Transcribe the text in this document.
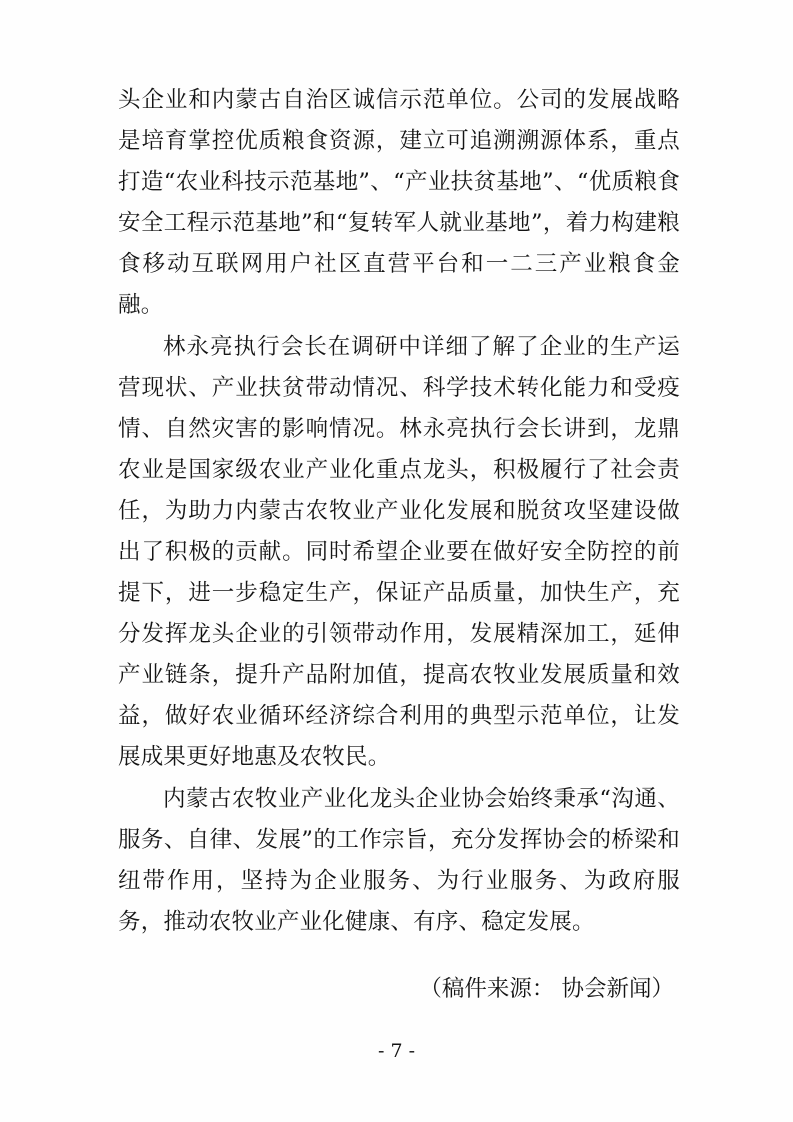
头企业和内蒙古自治区诚信示范单位。公司的发展战略是培育掌控优质粮食资源，建立可追溯溯源体系，重点打造“农业科技示范基地”、“产业扶贫基地”、“优质粮食安全工程示范基地”和“复转军人就业基地”，着力构建粮食移动互联网用户社区直营平台和一二三产业粮食金融。

林永亮执行会长在调研中详细了解了企业的生产运营现状、产业扶贫带动情况、科学技术转化能力和受疫情、自然灾害的影响情况。林永亮执行会长讲到，龙鼎农业是国家级农业产业化重点龙头，积极履行了社会责任，为助力内蒙古农牧业产业化发展和脱贫攻坚建设做出了积极的贡献。同时希望企业要在做好安全防控的前提下，进一步稳定生产，保证产品质量，加快生产，充分发挥龙头企业的引领带动作用，发展精深加工，延伸产业链条，提升产品附加值，提高农牧业发展质量和效益，做好农业循环经济综合利用的典型示范单位，让发展成果更好地惠及农牧民。

内蒙古农牧业产业化龙头企业协会始终秉承“沟通、服务、自律、发展”的工作宗旨，充分发挥协会的桥梁和纽带作用，坚持为企业服务、为行业服务、为政府服务，推动农牧业产业化健康、有序、稳定发展。

（稿件来源： 协会新闻）
- 7 -
